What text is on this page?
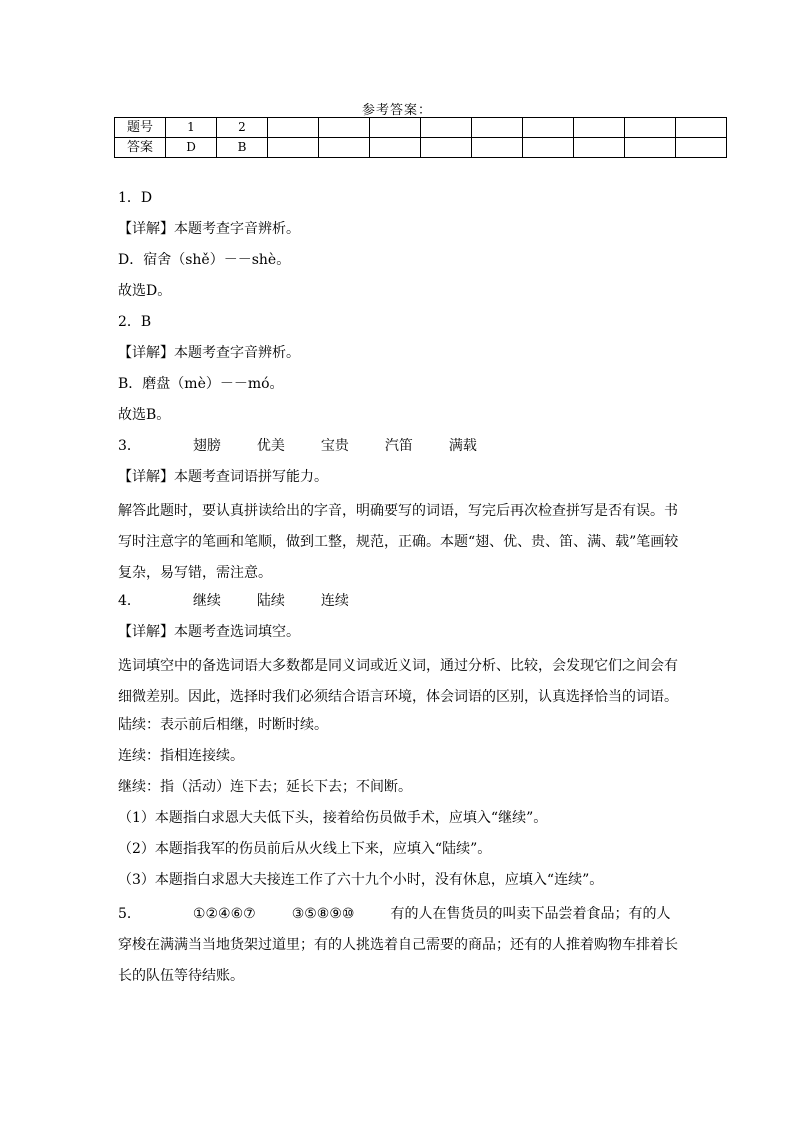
参考答案：
题号	1	2									
答案	D	B									
1．D
【详解】本题考查字音辨析。
D．宿舍（shě）－－shè。
故选D。
2．B
【详解】本题考查字音辨析。
B．磨盘（mè）－－mó。
故选B。
3．	翅膀	优美	宝贵	汽笛	满载
【详解】本题考查词语拼写能力。
解答此题时，要认真拼读给出的字音，明确要写的词语，写完后再次检查拼写是否有误。书写时注意字的笔画和笔顺，做到工整，规范，正确。本题“翅、优、贵、笛、满、载”笔画较复杂，易写错，需注意。
4．	继续	陆续	连续
【详解】本题考查选词填空。
选词填空中的备选词语大多数都是同义词或近义词，通过分析、比较，会发现它们之间会有细微差别。因此，选择时我们必须结合语言环境，体会词语的区别，认真选择恰当的词语。
陆续：表示前后相继，时断时续。
连续：指相连接续。
继续：指（活动）连下去；延长下去；不间断。
（1）本题指白求恩大夫低下头，接着给伤员做手术，应填入“继续”。
（2）本题指我军的伤员前后从火线上下来，应填入“陆续”。
（3）本题指白求恩大夫接连工作了六十九个小时，没有休息，应填入“连续”。
5．	①②④⑥⑦	③⑤⑧⑨⑩	有的人在售货员的叫卖下品尝着食品；有的人穿梭在满满当当地货架过道里；有的人挑选着自己需要的商品；还有的人推着购物车排着长长的队伍等待结账。
